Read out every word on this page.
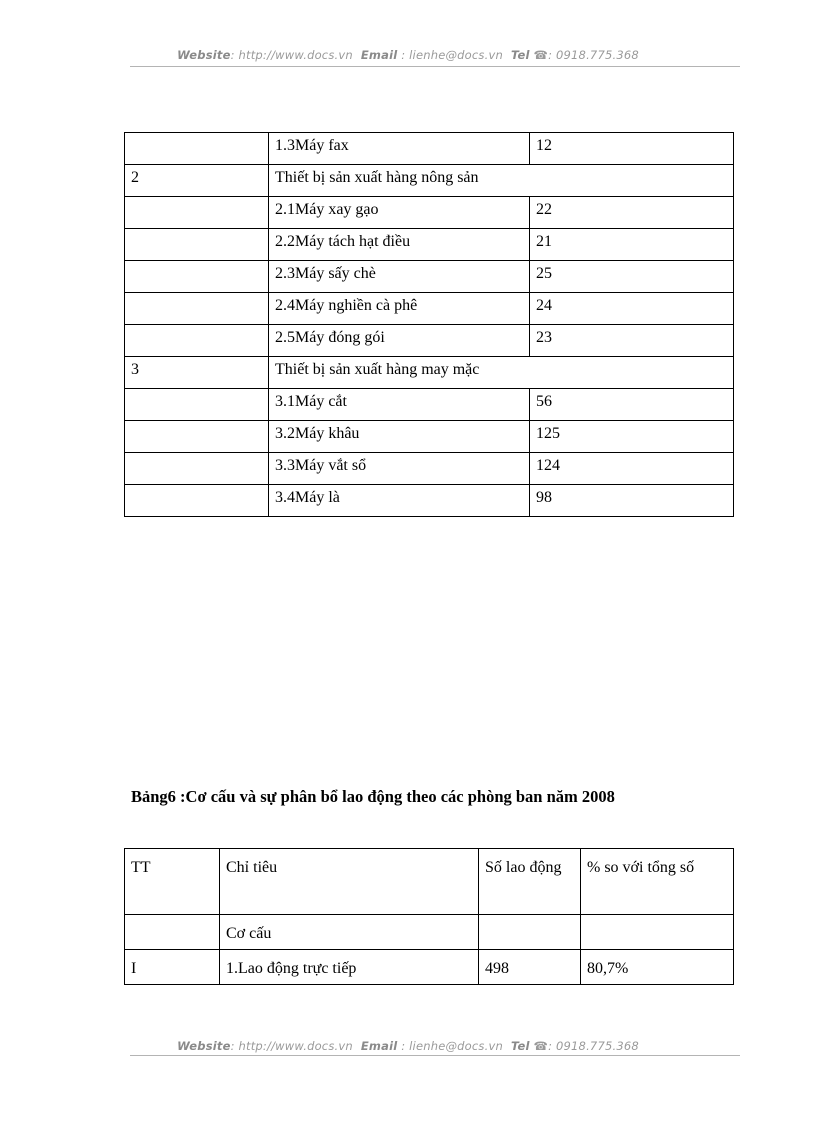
Website: http://www.docs.vn Email : lienhe@docs.vn Tel ☎: 0918.775.368
	1.3Máy fax	12
2	Thiết bị sản xuất hàng nông sản	
	2.1Máy xay gạo	22
	2.2Máy tách hạt điều	21
	2.3Máy sấy chè	25
	2.4Máy nghiền cà phê	24
	2.5Máy đóng gói	23
3	Thiết bị sản xuất hàng may mặc	
	3.1Máy cắt	56
	3.2Máy khâu	125
	3.3Máy vắt sổ	124
	3.4Máy là	98
Bảng6 :Cơ cấu và sự phân bổ lao động theo các phòng ban năm 2008
TT	Chỉ tiêu	Số lao động	% so với tổng số
	Cơ cấu		
I	1.Lao động trực tiếp	498	80,7%
Website: http://www.docs.vn Email : lienhe@docs.vn Tel ☎: 0918.775.368
